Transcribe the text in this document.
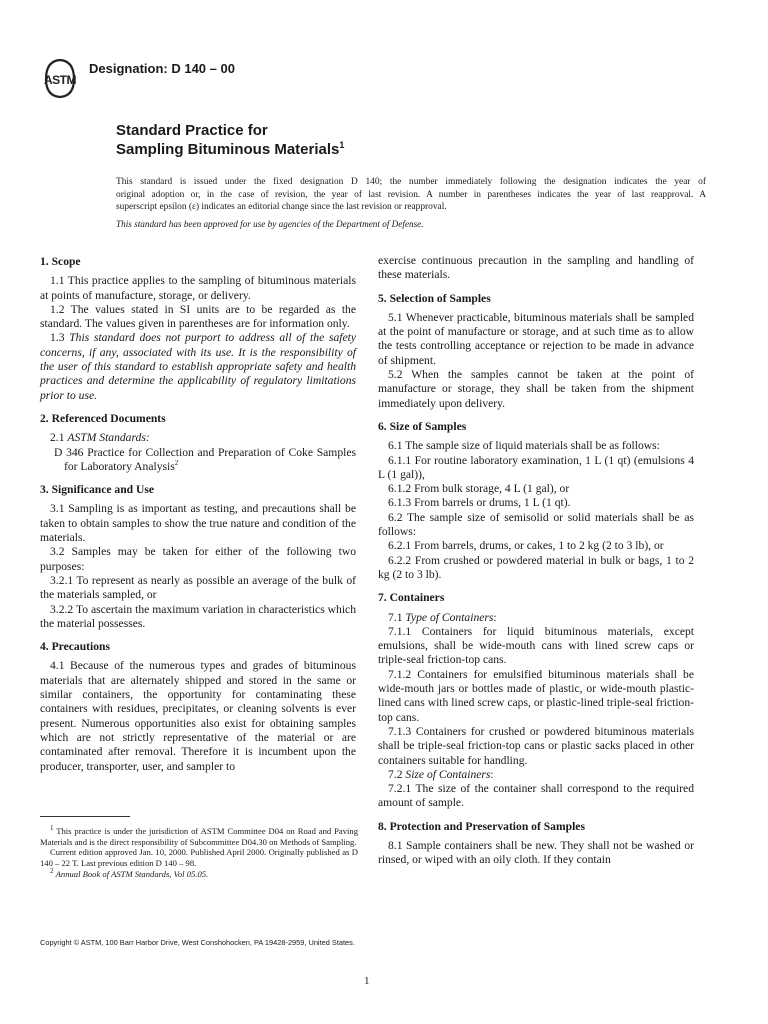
ASTM
Designation: D 140 – 00
Standard Practice for
Sampling Bituminous Materials$^1$
This standard is issued under the fixed designation D 140; the number immediately following the designation indicates the year of
original adoption or, in the case of revision, the year of last revision. A number in parentheses indicates the year of last reapproval. A
superscript epsilon (ε) indicates an editorial change since the last revision or reapproval.
This standard has been approved for use by agencies of the Department of Defense.
1. Scope

1.1 This practice applies to the sampling of bituminous materials at points of manufacture, storage, or delivery.

1.2 The values stated in SI units are to be regarded as the standard. The values given in parentheses are for information only.

1.3 This standard does not purport to address all of the safety concerns, if any, associated with its use. It is the responsibility of the user of this standard to establish appropriate safety and health practices and determine the applicability of regulatory limitations prior to use.

2. Referenced Documents

2.1 ASTM Standards:

D 346 Practice for Collection and Preparation of Coke Samples for Laboratory Analysis$^2$

3. Significance and Use

3.1 Sampling is as important as testing, and precautions shall be taken to obtain samples to show the true nature and condition of the materials.

3.2 Samples may be taken for either of the following two purposes:

3.2.1 To represent as nearly as possible an average of the bulk of the materials sampled, or

3.2.2 To ascertain the maximum variation in characteristics which the material possesses.

4. Precautions

4.1 Because of the numerous types and grades of bituminous materials that are alternately shipped and stored in the same or similar containers, the opportunity for contaminating these containers with residues, precipitates, or cleaning solvents is ever present. Numerous opportunities also exist for obtaining samples which are not strictly representative of the material or are contaminated after removal. Therefore it is incumbent upon the producer, transporter, user, and sampler to

exercise continuous precaution in the sampling and handling of these materials.

5. Selection of Samples

5.1 Whenever practicable, bituminous materials shall be sampled at the point of manufacture or storage, and at such time as to allow the tests controlling acceptance or rejection to be made in advance of shipment.

5.2 When the samples cannot be taken at the point of manufacture or storage, they shall be taken from the shipment immediately upon delivery.

6. Size of Samples

6.1 The sample size of liquid materials shall be as follows:

6.1.1 For routine laboratory examination, 1 L (1 qt) (emulsions 4 L (1 gal)),

6.1.2 From bulk storage, 4 L (1 gal), or

6.1.3 From barrels or drums, 1 L (1 qt).

6.2 The sample size of semisolid or solid materials shall be as follows:

6.2.1 From barrels, drums, or cakes, 1 to 2 kg (2 to 3 lb), or

6.2.2 From crushed or powdered material in bulk or bags, 1 to 2 kg (2 to 3 lb).

7. Containers

7.1 Type of Containers:

7.1.1 Containers for liquid bituminous materials, except emulsions, shall be wide-mouth cans with lined screw caps or triple-seal friction-top cans.

7.1.2 Containers for emulsified bituminous materials shall be wide-mouth jars or bottles made of plastic, or wide-mouth plastic-lined cans with lined screw caps, or plastic-lined triple-seal friction-top cans.

7.1.3 Containers for crushed or powdered bituminous materials shall be triple-seal friction-top cans or plastic sacks placed in other containers suitable for handling.

7.2 Size of Containers:

7.2.1 The size of the container shall correspond to the required amount of sample.

8. Protection and Preservation of Samples

8.1 Sample containers shall be new. They shall not be washed or rinsed, or wiped with an oily cloth. If they contain

$^1$ This practice is under the jurisdiction of ASTM Committee D04 on Road and Paving Materials and is the direct responsibility of Subcommittee D04.30 on Methods of Sampling.

Current edition approved Jan. 10, 2000. Published April 2000. Originally published as D 140 – 22 T. Last previous edition D 140 – 98.

$^2$ Annual Book of ASTM Standards, Vol 05.05.

Copyright © ASTM, 100 Barr Harbor Drive, West Conshohocken, PA 19428-2959, United States.
1
